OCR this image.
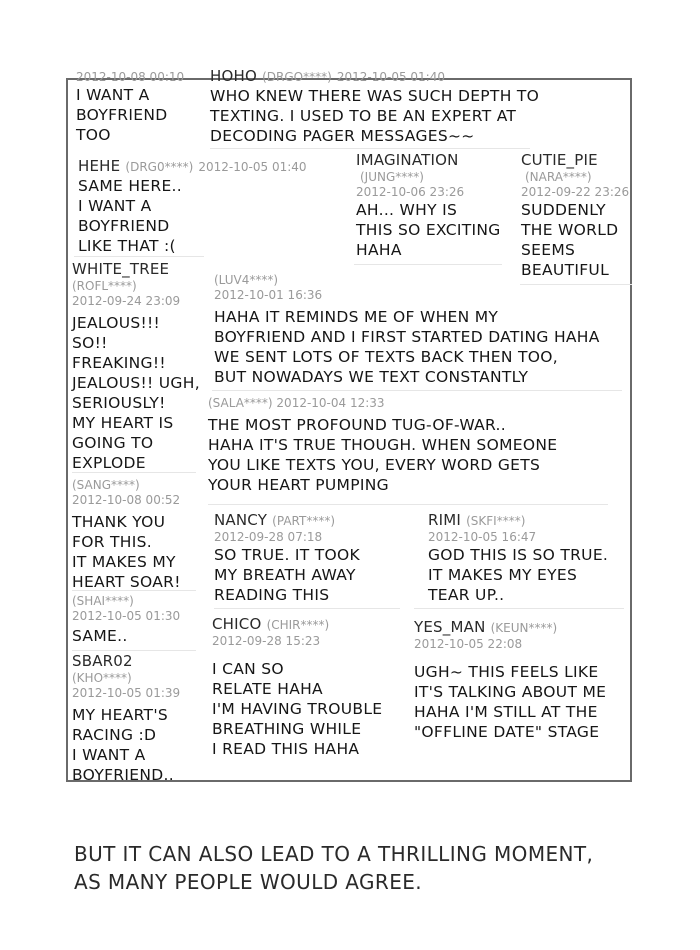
2012-10-08 00:10
I WANT A
BOYFRIEND
TOO
HOHO (DRGO****) 2012-10-05 01:40
WHO KNEW THERE WAS SUCH DEPTH TO
TEXTING. I USED TO BE AN EXPERT AT
DECODING PAGER MESSAGES~~
HEHE (DRG0****) 2012-10-05 01:40
SAME HERE..
I WANT A
BOYFRIEND
LIKE THAT :(
IMAGINATION
(JUNG****)
2012-10-06 23:26
AH... WHY IS
THIS SO EXCITING
HAHA
CUTIE_PIE
(NARA****)
2012-09-22 23:26
SUDDENLY
THE WORLD
SEEMS
BEAUTIFUL
WHITE_TREE
(ROFL****)
2012-09-24 23:09
JEALOUS!!!
SO!!
FREAKING!!
JEALOUS!! UGH,
SERIOUSLY!
MY HEART IS
GOING TO
EXPLODE
(LUV4****)
2012-10-01 16:36
HAHA IT REMINDS ME OF WHEN MY
BOYFRIEND AND I FIRST STARTED DATING HAHA
WE SENT LOTS OF TEXTS BACK THEN TOO,
BUT NOWADAYS WE TEXT CONSTANTLY
(SALA****) 2012-10-04 12:33
THE MOST PROFOUND TUG-OF-WAR..
HAHA IT'S TRUE THOUGH. WHEN SOMEONE
YOU LIKE TEXTS YOU, EVERY WORD GETS
YOUR HEART PUMPING
(SANG****)
2012-10-08 00:52
THANK YOU
FOR THIS.
IT MAKES MY
HEART SOAR!
NANCY (PART****)
2012-09-28 07:18
SO TRUE. IT TOOK
MY BREATH AWAY
READING THIS
RIMI (SKFI****)
2012-10-05 16:47
GOD THIS IS SO TRUE.
IT MAKES MY EYES
TEAR UP..
(SHAI****)
2012-10-05 01:30
SAME..
CHICO (CHIR****)
2012-09-28 15:23
I CAN SO
RELATE HAHA
I'M HAVING TROUBLE
BREATHING WHILE
I READ THIS HAHA
YES_MAN (KEUN****)
2012-10-05 22:08
UGH~ THIS FEELS LIKE
IT'S TALKING ABOUT ME
HAHA I'M STILL AT THE
"OFFLINE DATE" STAGE
SBAR02
(KHO****)
2012-10-05 01:39
MY HEART'S
RACING :D
I WANT A
BOYFRIEND..
BUT IT CAN ALSO LEAD TO A THRILLING MOMENT,
AS MANY PEOPLE WOULD AGREE.
